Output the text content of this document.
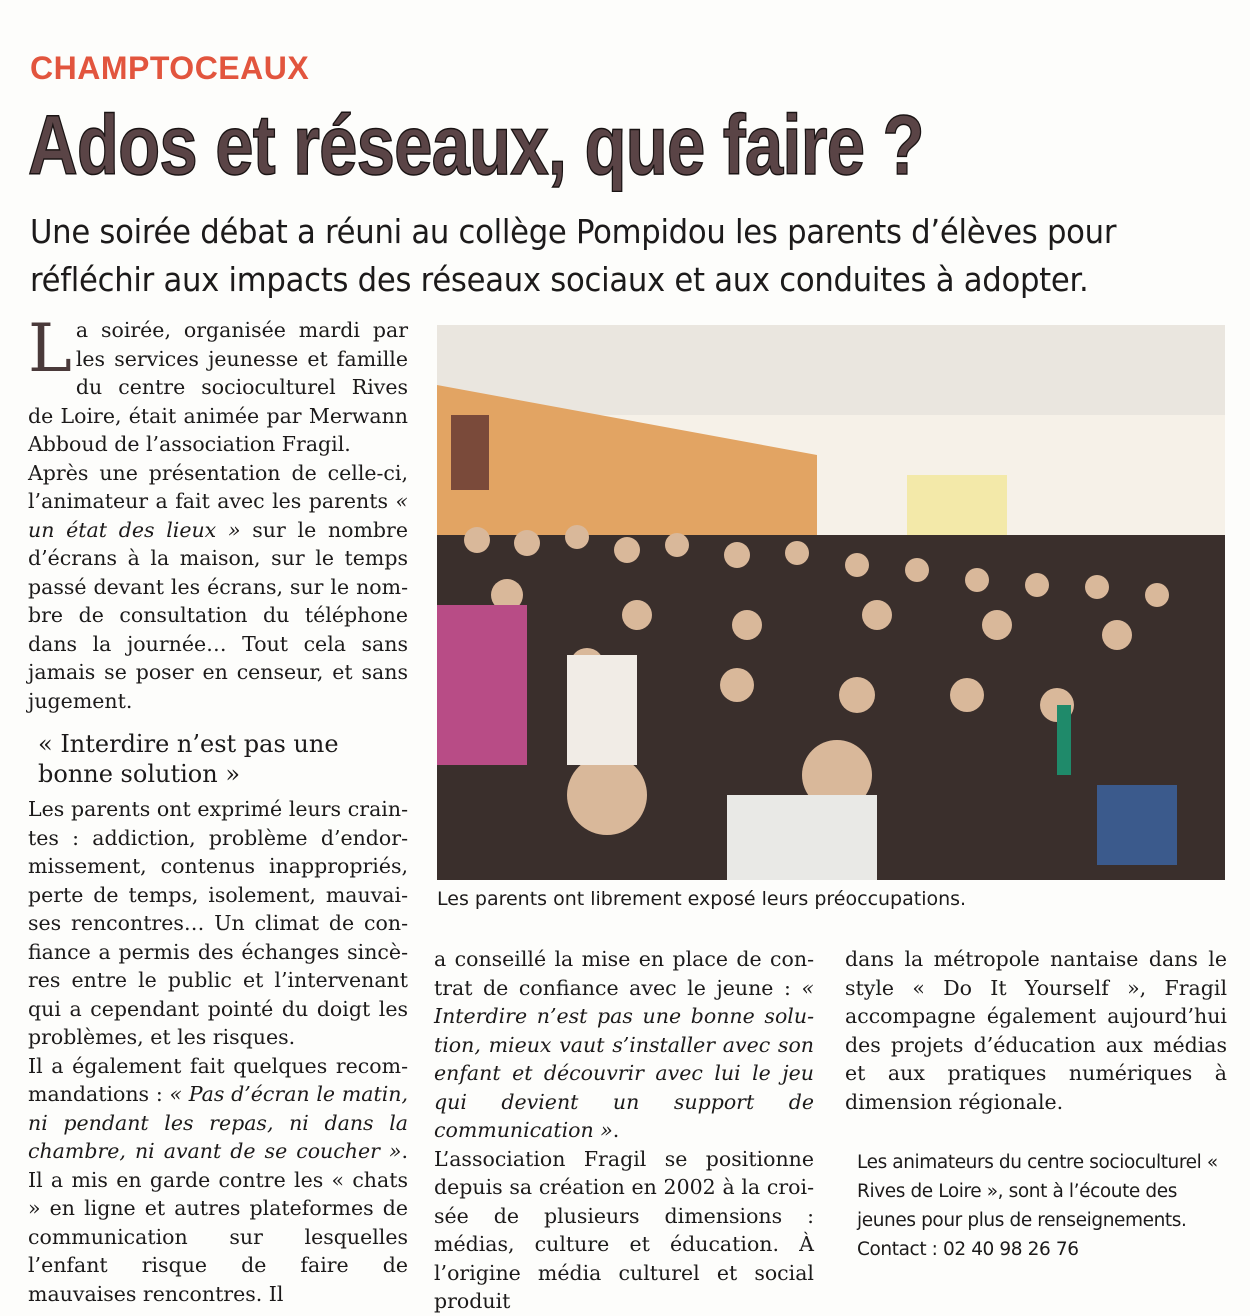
CHAMPTOCEAUX
Ados et réseaux, que faire ?
Une soirée débat a réuni au collège Pompidou les parents d’élèves pour réfléchir aux impacts des réseaux sociaux et aux conduites à adopter.

La soirée, organisée mardi par les services jeunesse et famille du centre socioculturel Rives de Loire, était animée par Merwann Abboud de l’association Fragil.

Après une présentation de celle-ci, l’animateur a fait avec les parents « un état des lieux » sur le nombre d’écrans à la maison, sur le temps passé devant les écrans, sur le nombre de consultation du téléphone dans la journée… Tout cela sans jamais se poser en censeur, et sans jugement.

« Interdire n’est pas une bonne solution »

Les parents ont exprimé leurs craintes : addiction, problème d’endormissement, contenus inappropriés, perte de temps, isolement, mauvaises rencontres… Un climat de confiance a permis des échanges sincères entre le public et l’intervenant qui a cependant pointé du doigt les problèmes, et les risques.

Il a également fait quelques recommandations : « Pas d’écran le matin, ni pendant les repas, ni dans la chambre, ni avant de se coucher ». Il a mis en garde contre les « chats » en ligne et autres plateformes de communication sur lesquelles l’enfant risque de faire de mauvaises rencontres. Il

Les parents ont librement exposé leurs préoccupations.

a conseillé la mise en place de contrat de confiance avec le jeune : « Interdire n’est pas une bonne solution, mieux vaut s’installer avec son enfant et découvrir avec lui le jeu qui devient un support de communication ».

L’association Fragil se positionne depuis sa création en 2002 à la croisée de plusieurs dimensions : médias, culture et éducation. À l’origine média culturel et social produit

dans la métropole nantaise dans le style « Do It Yourself », Fragil accompagne également aujourd’hui des projets d’éducation aux médias et aux pratiques numériques à dimension régionale.

Les animateurs du centre socioculturel « Rives de Loire », sont à l’écoute des jeunes pour plus de renseignements. Contact : 02 40 98 26 76
